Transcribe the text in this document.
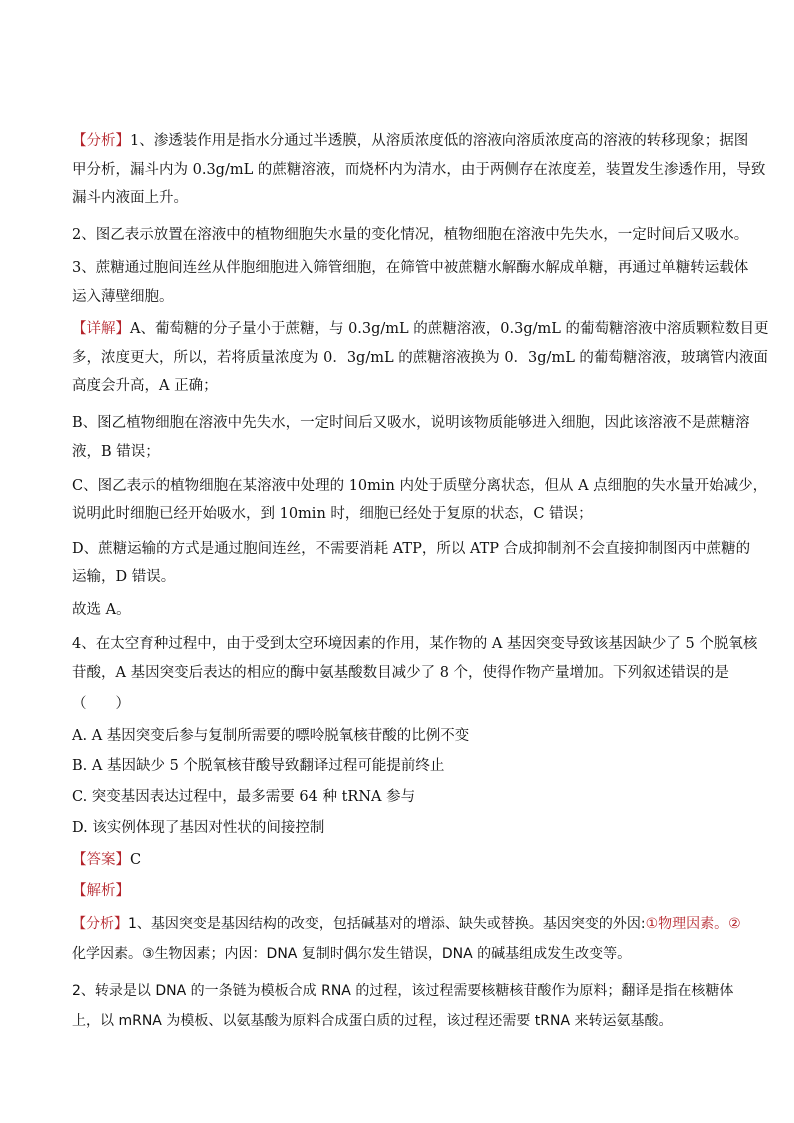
【分析】1、渗透装作用是指水分通过半透膜，从溶质浓度低的溶液向溶质浓度高的溶液的转移现象；据图
甲分析，漏斗内为 0.3g/mL 的蔗糖溶液，而烧杯内为清水，由于两侧存在浓度差，装置发生渗透作用，导致
漏斗内液面上升。
2、图乙表示放置在溶液中的植物细胞失水量的变化情况，植物细胞在溶液中先失水，一定时间后又吸水。
3、蔗糖通过胞间连丝从伴胞细胞进入筛管细胞，在筛管中被蔗糖水解酶水解成单糖，再通过单糖转运载体
运入薄壁细胞。
【详解】A、葡萄糖的分子量小于蔗糖，与 0.3g/mL 的蔗糖溶液，0.3g/mL 的葡萄糖溶液中溶质颗粒数目更
多，浓度更大，所以，若将质量浓度为 0．3g/mL 的蔗糖溶液换为 0．3g/mL 的葡萄糖溶液，玻璃管内液面
高度会升高，A 正确；
B、图乙植物细胞在溶液中先失水，一定时间后又吸水，说明该物质能够进入细胞，因此该溶液不是蔗糖溶
液，B 错误；
C、图乙表示的植物细胞在某溶液中处理的 10min 内处于质壁分离状态，但从 A 点细胞的失水量开始减少，
说明此时细胞已经开始吸水，到 10min 时，细胞已经处于复原的状态，C 错误；
D、蔗糖运输的方式是通过胞间连丝，不需要消耗 ATP，所以 ATP 合成抑制剂不会直接抑制图丙中蔗糖的
运输，D 错误。
故选 A。
4、在太空育种过程中，由于受到太空环境因素的作用，某作物的 A 基因突变导致该基因缺少了 5 个脱氧核
苷酸，A 基因突变后表达的相应的酶中氨基酸数目减少了 8 个，使得作物产量增加。下列叙述错误的是
（　　）
A. A 基因突变后参与复制所需要的嘌呤脱氧核苷酸的比例不变
B. A 基因缺少 5 个脱氧核苷酸导致翻译过程可能提前终止
C. 突变基因表达过程中，最多需要 64 种 tRNA 参与
D. 该实例体现了基因对性状的间接控制
【答案】C
【解析】
【分析】1、基因突变是基因结构的改变，包括碱基对的增添、缺失或替换。基因突变的外因:①物理因素。②
化学因素。③生物因素；内因：DNA 复制时偶尔发生错误，DNA 的碱基组成发生改变等。
2、转录是以 DNA 的一条链为模板合成 RNA 的过程，该过程需要核糖核苷酸作为原料；翻译是指在核糖体
上，以 mRNA 为模板、以氨基酸为原料合成蛋白质的过程，该过程还需要 tRNA 来转运氨基酸。
